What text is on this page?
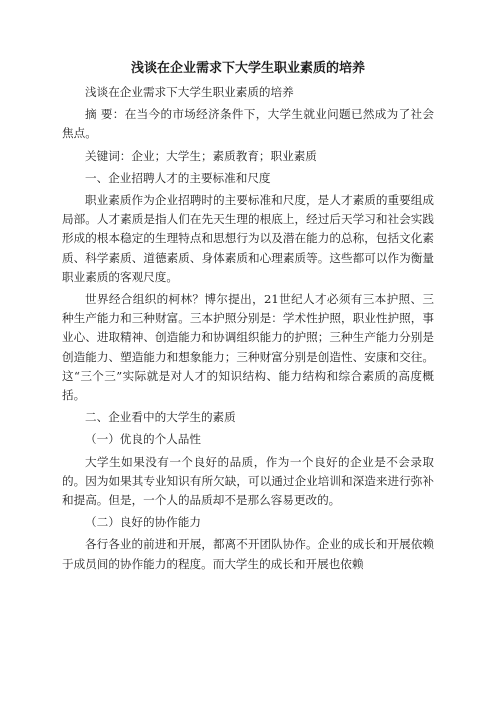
浅谈在企业需求下大学生职业素质的培养

浅谈在企业需求下大学生职业素质的培养

摘 要：在当今的市场经济条件下，大学生就业问题已然成为了社会焦点。

关键词：企业；大学生；素质教育；职业素质

一、企业招聘人才的主要标准和尺度

职业素质作为企业招聘时的主要标准和尺度，是人才素质的重要组成局部。人才素质是指人们在先天生理的根底上，经过后天学习和社会实践形成的根本稳定的生理特点和思想行为以及潜在能力的总称，包括文化素质、科学素质、道德素质、身体素质和心理素质等。这些都可以作为衡量职业素质的客观尺度。

世界经合组织的柯林？博尔提出，21世纪人才必须有三本护照、三种生产能力和三种财富。三本护照分别是：学术性护照，职业性护照，事业心、进取精神、创造能力和协调组织能力的护照；三种生产能力分别是创造能力、塑造能力和想象能力；三种财富分别是创造性、安康和交往。这“三个三”实际就是对人才的知识结构、能力结构和综合素质的高度概括。

二、企业看中的大学生的素质

（一）优良的个人品性

大学生如果没有一个良好的品质，作为一个良好的企业是不会录取的。因为如果其专业知识有所欠缺，可以通过企业培训和深造来进行弥补和提高。但是，一个人的品质却不是那么容易更改的。

（二）良好的协作能力

各行各业的前进和开展，都离不开团队协作。企业的成长和开展依赖于成员间的协作能力的程度。而大学生的成长和开展也依赖
